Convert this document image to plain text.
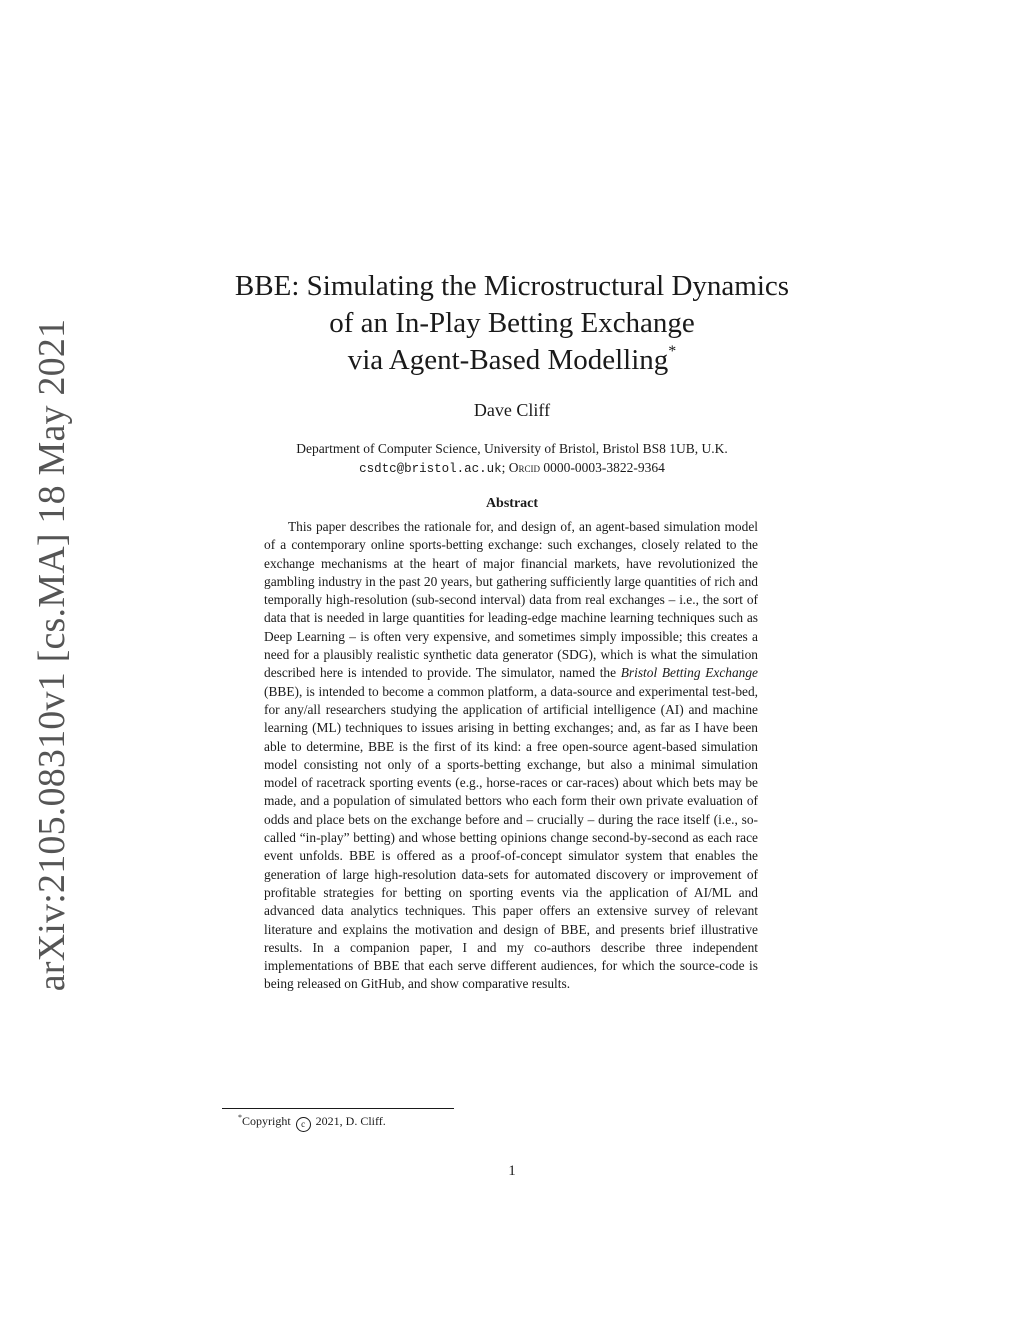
arXiv:2105.08310v1 [cs.MA] 18 May 2021
BBE: Simulating the Microstructural Dynamics
of an In-Play Betting Exchange
via Agent-Based Modelling*
Dave Cliff
Department of Computer Science, University of Bristol, Bristol BS8 1UB, U.K.
csdtc@bristol.ac.uk; Orcid 0000-0003-3822-9364
Abstract
This paper describes the rationale for, and design of, an agent-based simulation model of a contemporary online sports-betting exchange: such exchanges, closely related to the exchange mechanisms at the heart of major financial markets, have revolutionized the gambling industry in the past 20 years, but gathering sufficiently large quantities of rich and temporally high-resolution (sub-second interval) data from real exchanges – i.e., the sort of data that is needed in large quantities for leading-edge machine learning techniques such as Deep Learning – is often very expensive, and sometimes simply impossible; this creates a need for a plausibly realistic synthetic data generator (SDG), which is what the simulation described here is intended to provide. The simulator, named the Bristol Betting Exchange (BBE), is intended to become a common platform, a data-source and experimental test-bed, for any/all researchers studying the application of artificial intelligence (AI) and machine learning (ML) techniques to issues arising in betting exchanges; and, as far as I have been able to determine, BBE is the first of its kind: a free open-source agent-based simulation model consisting not only of a sports-betting exchange, but also a minimal simulation model of racetrack sporting events (e.g., horse-races or car-races) about which bets may be made, and a population of simulated bettors who each form their own private evaluation of odds and place bets on the exchange before and – crucially – during the race itself (i.e., so-called “in-play” betting) and whose betting opinions change second-by-second as each race event unfolds. BBE is offered as a proof-of-concept simulator system that enables the generation of large high-resolution data-sets for automated discovery or improvement of profitable strategies for betting on sporting events via the application of AI/ML and advanced data analytics techniques. This paper offers an extensive survey of relevant literature and explains the motivation and design of BBE, and presents brief illustrative results. In a companion paper, I and my co-authors describe three independent implementations of BBE that each serve different audiences, for which the source-code is being released on GitHub, and show comparative results.
*Copyright c 2021, D. Cliff.
1
